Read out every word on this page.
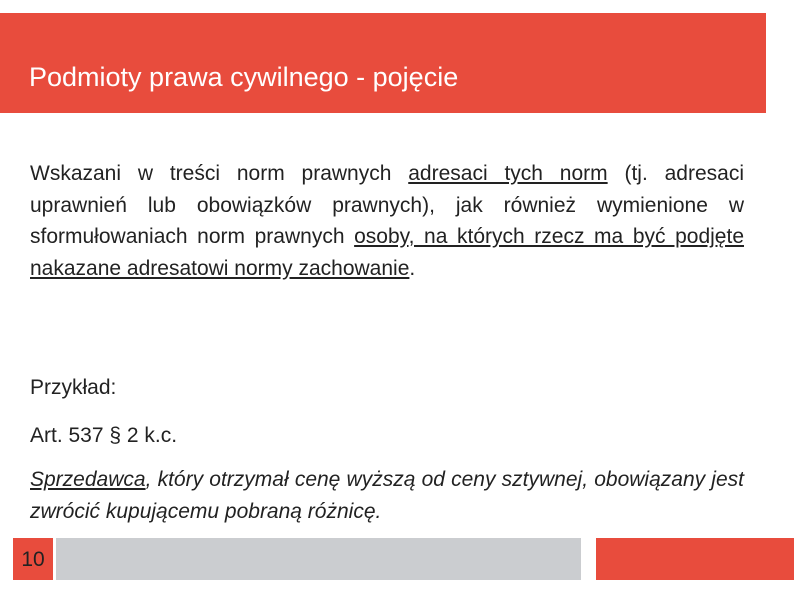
Podmioty prawa cywilnego - pojęcie

Wskazani w treści norm prawnych adresaci tych norm (tj. adresaci uprawnień lub obowiązków prawnych), jak również wymienione w sformułowaniach norm prawnych osoby, na których rzecz ma być podjęte nakazane adresatowi normy zachowanie.

Przykład:

Art. 537 § 2 k.c.

Sprzedawca, który otrzymał cenę wyższą od ceny sztywnej, obowiązany jest zwrócić kupującemu pobraną różnicę.

10
